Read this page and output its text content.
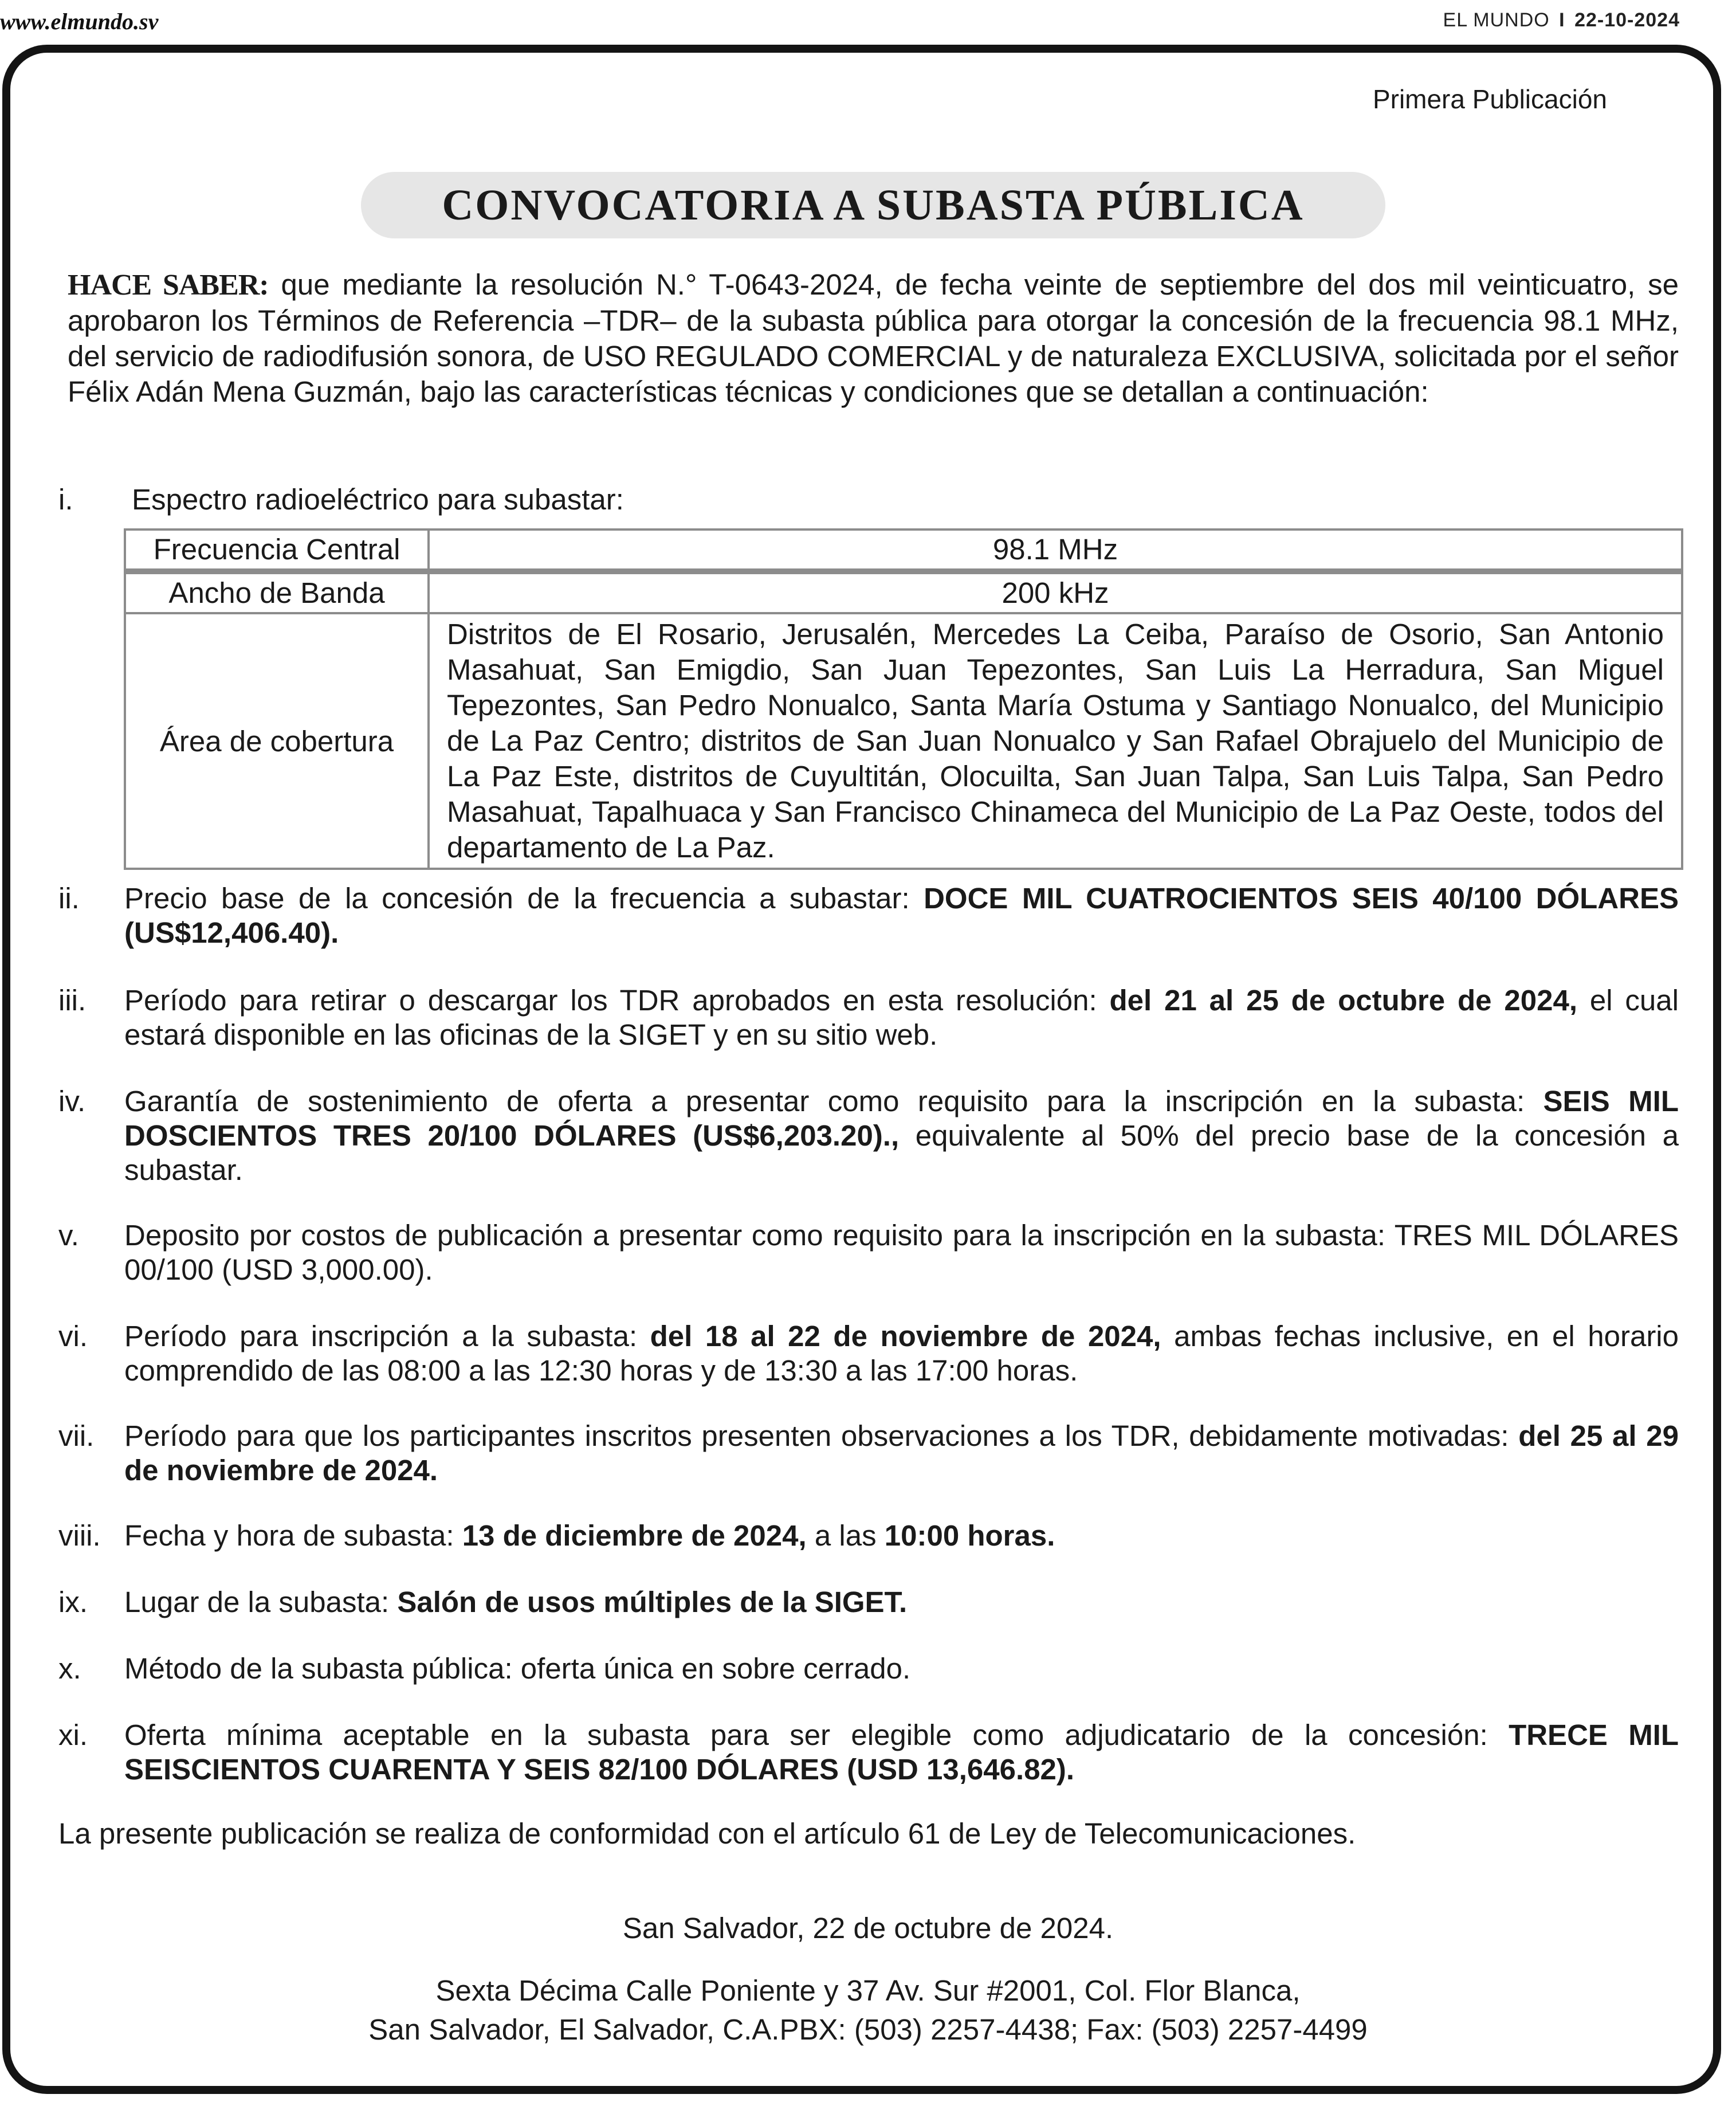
www.elmundo.sv	EL MUNDO I 22-10-2024
Primera Publicación
CONVOCATORIA A SUBASTA PÚBLICA
HACE SABER: que mediante la resolución N.° T-0643-2024, de fecha veinte de septiembre del dos mil veinticuatro, se aprobaron los Términos de Referencia –TDR– de la subasta pública para otorgar la concesión de la frecuencia 98.1 MHz, del servicio de radiodifusión sonora, de USO REGULADO COMERCIAL y de naturaleza EXCLUSIVA, solicitada por el señor Félix Adán Mena Guzmán, bajo las características técnicas y condiciones que se detallan a continuación:
i. Espectro radioeléctrico para subastar:
Frecuencia Central	98.1 MHz
Ancho de Banda	200 kHz
Área de cobertura	Distritos de El Rosario, Jerusalén, Mercedes La Ceiba, Paraíso de Osorio, San Antonio Masahuat, San Emigdio, San Juan Tepezontes, San Luis La Herradura, San Miguel Tepezontes, San Pedro Nonualco, Santa María Ostuma y Santiago Nonualco, del Municipio de La Paz Centro; distritos de San Juan Nonualco y San Rafael Obrajuelo del Municipio de La Paz Este, distritos de Cuyultitán, Olocuilta, San Juan Talpa, San Luis Talpa, San Pedro Masahuat, Tapalhuaca y San Francisco Chinameca del Municipio de La Paz Oeste, todos del departamento de La Paz.
ii. Precio base de la concesión de la frecuencia a subastar: DOCE MIL CUATROCIENTOS SEIS 40/100 DÓLARES (US$12,406.40).
iii. Período para retirar o descargar los TDR aprobados en esta resolución: del 21 al 25 de octubre de 2024, el cual estará disponible en las oficinas de la SIGET y en su sitio web.
iv. Garantía de sostenimiento de oferta a presentar como requisito para la inscripción en la subasta: SEIS MIL DOSCIENTOS TRES 20/100 DÓLARES (US$6,203.20)., equivalente al 50% del precio base de la concesión a subastar.
v. Deposito por costos de publicación a presentar como requisito para la inscripción en la subasta: TRES MIL DÓLARES 00/100 (USD 3,000.00).
vi. Período para inscripción a la subasta: del 18 al 22 de noviembre de 2024, ambas fechas inclusive, en el horario comprendido de las 08:00 a las 12:30 horas y de 13:30 a las 17:00 horas.
vii. Período para que los participantes inscritos presenten observaciones a los TDR, debidamente motivadas: del 25 al 29 de noviembre de 2024.
viii. Fecha y hora de subasta: 13 de diciembre de 2024, a las 10:00 horas.
ix. Lugar de la subasta: Salón de usos múltiples de la SIGET.
x. Método de la subasta pública: oferta única en sobre cerrado.
xi. Oferta mínima aceptable en la subasta para ser elegible como adjudicatario de la concesión: TRECE MIL SEISCIENTOS CUARENTA Y SEIS 82/100 DÓLARES (USD 13,646.82).
La presente publicación se realiza de conformidad con el artículo 61 de Ley de Telecomunicaciones.
San Salvador, 22 de octubre de 2024.
Sexta Décima Calle Poniente y 37 Av. Sur #2001, Col. Flor Blanca,
San Salvador, El Salvador, C.A.PBX: (503) 2257-4438; Fax: (503) 2257-4499
